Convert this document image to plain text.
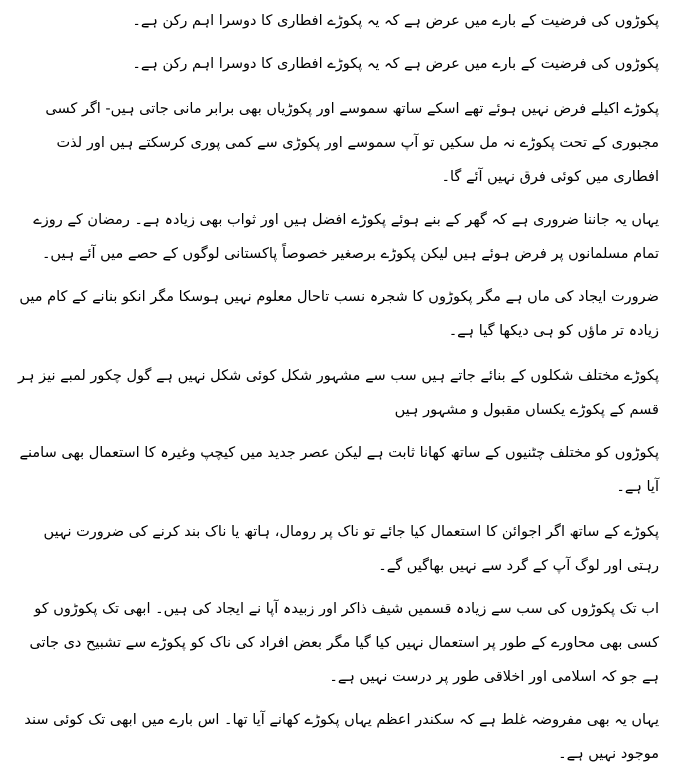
پکوڑوں کی فرضیت کے بارے میں عرض ہے کہ یہ پکوڑے افطاری کا دوسرا اہم رکن ہے۔

پکوڑوں کی فرضیت کے بارے میں عرض ہے کہ یہ پکوڑے افطاری کا دوسرا اہم رکن ہے۔

پکوڑے اکیلے فرض نہیں ہوئے تھے اسکے ساتھ سموسے اور پکوڑیاں بھی برابر مانی جاتی ہیں- اگر کسی مجبوری کے تحت پکوڑے نہ مل سکیں تو آپ سموسے اور پکوڑی سے کمی پوری کرسکتے ہیں اور لذت افطاری میں کوئی فرق نہیں آئے گا۔

یہاں یہ جاننا ضروری ہے کہ گھر کے بنے ہوئے پکوڑے افضل ہیں اور ثواب بھی زیادہ ہے۔ رمضان کے روزے تمام مسلمانوں پر فرض ہوئے ہیں لیکن پکوڑے برصغیر خصوصاً پاکستانی لوگوں کے حصے میں آئے ہیں۔

ضرورت ایجاد کی ماں ہے مگر پکوڑوں کا شجرہ نسب تاحال معلوم نہیں ہوسکا مگر انکو بنانے کے کام میں زیادہ تر ماؤں کو ہی دیکھا گیا ہے۔

پکوڑے مختلف شکلوں کے بنائے جاتے ہیں سب سے مشہور شکل کوئی شکل نہیں ہے گول چکور لمبے نیز ہر قسم کے پکوڑے یکساں مقبول و مشہور ہیں

پکوڑوں کو مختلف چٹنیوں کے ساتھ کھانا ثابت ہے لیکن عصر جدید میں کیچپ وغیرہ کا استعمال بھی سامنے آیا ہے۔

پکوڑے کے ساتھ اگر اجوائن کا استعمال کیا جائے تو ناک پر رومال، ہاتھ یا ناک بند کرنے کی ضرورت نہیں رہتی اور لوگ آپ کے گرد سے نہیں بھاگیں گے۔

اب تک پکوڑوں کی سب سے زیادہ قسمیں شیف ذاکر اور زبیدہ آپا نے ایجاد کی ہیں۔ ابھی تک پکوڑوں کو کسی بھی محاورے کے طور پر استعمال نہیں کیا گیا مگر بعض افراد کی ناک کو پکوڑے سے تشبیح دی جاتی ہے جو کہ اسلامی اور اخلاقی طور پر درست نہیں ہے۔

یہاں یہ بھی مفروضہ غلط ہے کہ سکندر اعظم یہاں پکوڑے کھانے آیا تھا۔ اس بارے میں ابھی تک کوئی سند موجود نہیں ہے۔
